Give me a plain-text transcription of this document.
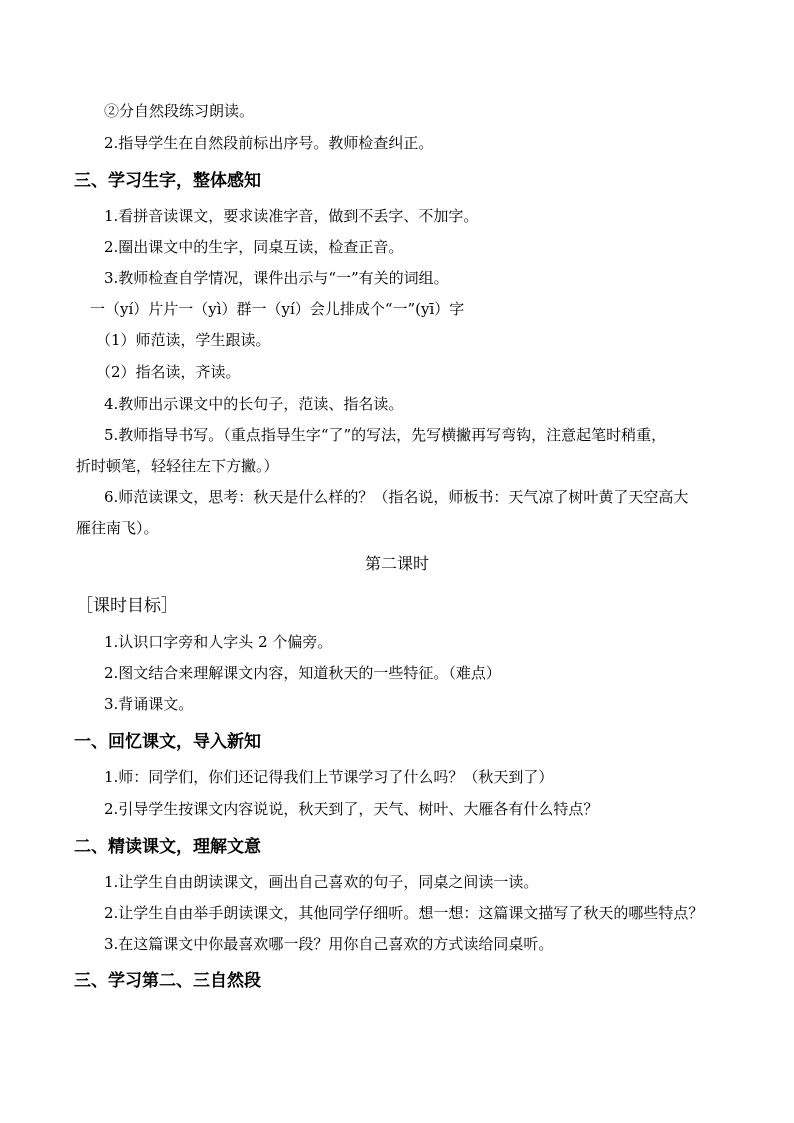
②分自然段练习朗读。
2.指导学生在自然段前标出序号。教师检查纠正。
三、学习生字，整体感知
1.看拼音读课文，要求读准字音，做到不丢字、不加字。
2.圈出课文中的生字，同桌互读，检查正音。
3.教师检查自学情况，课件出示与“一”有关的词组。
一（yí）片片一（yì）群一（yí）会儿排成个“一”(yī）字
（1）师范读，学生跟读。
（2）指名读，齐读。
4.教师出示课文中的长句子，范读、指名读。
5.教师指导书写。（重点指导生字“了”的写法，先写横撇再写弯钩，注意起笔时稍重，
折时顿笔，轻轻往左下方撇。）
6.师范读课文，思考：秋天是什么样的？（指名说，师板书：天气凉了树叶黄了天空高大
雁往南飞）。
第二课时
［课时目标］
1.认识口字旁和人字头 2 个偏旁。
2.图文结合来理解课文内容，知道秋天的一些特征。（难点）
3.背诵课文。
一、回忆课文，导入新知
1.师：同学们，你们还记得我们上节课学习了什么吗？（秋天到了）
2.引导学生按课文内容说说，秋天到了，天气、树叶、大雁各有什么特点？
二、精读课文，理解文意
1.让学生自由朗读课文，画出自己喜欢的句子，同桌之间读一读。
2.让学生自由举手朗读课文，其他同学仔细听。想一想：这篇课文描写了秋天的哪些特点？
3.在这篇课文中你最喜欢哪一段？用你自己喜欢的方式读给同桌听。
三、学习第二、三自然段
